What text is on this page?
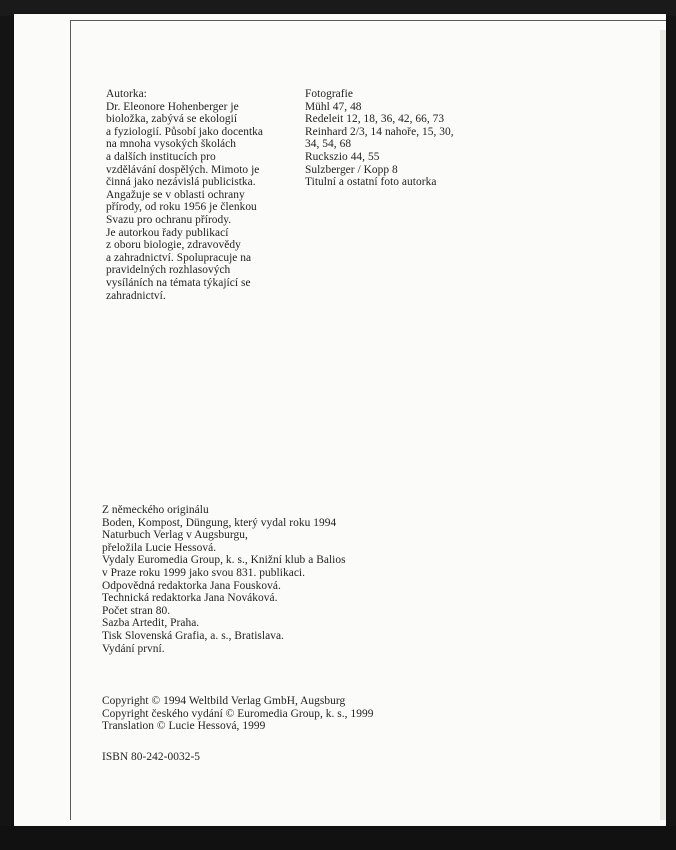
Autorka:
Dr. Eleonore Hohenberger je
bioložka, zabývá se ekologií
a fyziologií. Působí jako docentka
na mnoha vysokých školách
a dalších institucích pro
vzdělávání dospělých. Mimoto je
činná jako nezávislá publicistka.
Angažuje se v oblasti ochrany
přírody, od roku 1956 je členkou
Svazu pro ochranu přírody.
Je autorkou řady publikací
z oboru biologie, zdravovědy
a zahradnictví. Spolupracuje na
pravidelných rozhlasových
vysíláních na témata týkající se
zahradnictví.
Fotografie
Mühl 47, 48
Redeleit 12, 18, 36, 42, 66, 73
Reinhard 2/3, 14 nahoře, 15, 30,
34, 54, 68
Ruckszio 44, 55
Sulzberger / Kopp 8
Titulní a ostatní foto autorka
Z německého originálu
Boden, Kompost, Düngung, který vydal roku 1994
Naturbuch Verlag v Augsburgu,
přeložila Lucie Hessová.
Vydaly Euromedia Group, k. s., Knižní klub a Balios
v Praze roku 1999 jako svou 831. publikaci.
Odpovědná redaktorka Jana Fousková.
Technická redaktorka Jana Nováková.
Počet stran 80.
Sazba Artedit, Praha.
Tisk Slovenská Grafia, a. s., Bratislava.
Vydání první.
Copyright © 1994 Weltbild Verlag GmbH, Augsburg
Copyright českého vydání © Euromedia Group, k. s., 1999
Translation © Lucie Hessová, 1999
ISBN 80-242-0032-5
